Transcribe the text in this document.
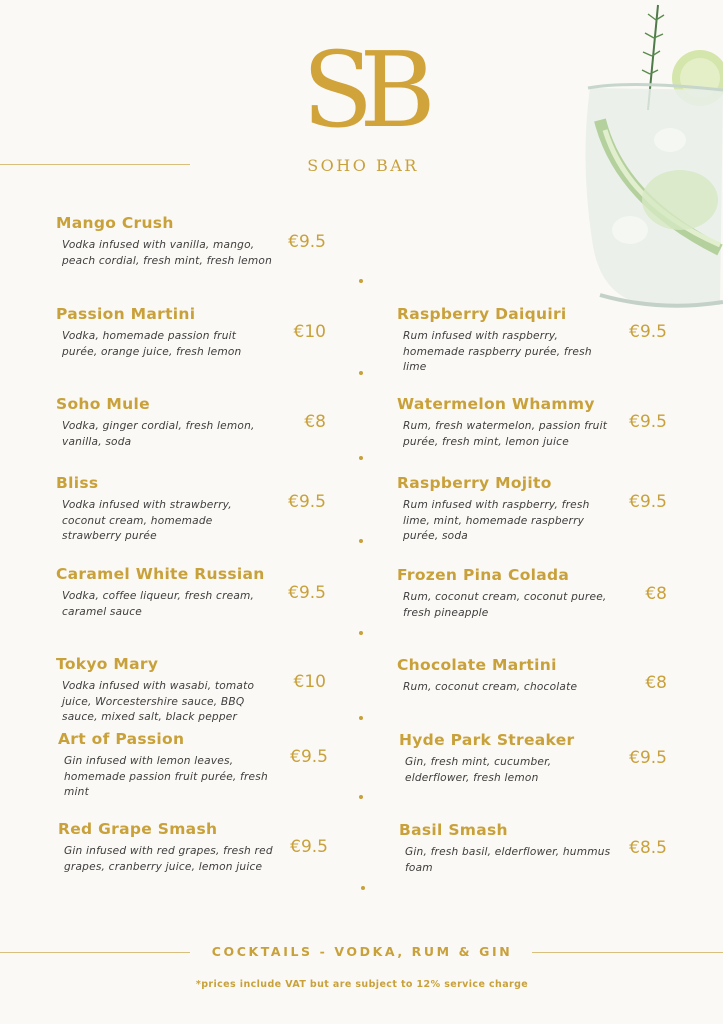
SB
SOHO BAR
Mango Crush
Vodka infused with vanilla, mango, peach cordial, fresh mint, fresh lemon
€9.5
Passion Martini
Vodka, homemade passion fruit purée, orange juice, fresh lemon
€10
Soho Mule
Vodka, ginger cordial, fresh lemon, vanilla, soda
€8
Bliss
Vodka infused with strawberry, coconut cream, homemade strawberry purée
€9.5
Caramel White Russian
Vodka, coffee liqueur, fresh cream, caramel sauce
€9.5
Tokyo Mary
Vodka infused with wasabi, tomato juice, Worcestershire sauce, BBQ sauce, mixed salt, black pepper
€10
Art of Passion
Gin infused with lemon leaves, homemade passion fruit purée, fresh mint
€9.5
Red Grape Smash
Gin infused with red grapes, fresh red grapes, cranberry juice, lemon juice
€9.5
Raspberry Daiquiri
Rum infused with raspberry, homemade raspberry purée, fresh lime
€9.5
Watermelon Whammy
Rum, fresh watermelon, passion fruit purée, fresh mint, lemon juice
€9.5
Raspberry Mojito
Rum infused with raspberry, fresh lime, mint, homemade raspberry purée, soda
€9.5
Frozen Pina Colada
Rum, coconut cream, coconut puree, fresh pineapple
€8
Chocolate Martini
Rum, coconut cream, chocolate	€8
Hyde Park Streaker
Gin, fresh mint, cucumber, elderflower, fresh lemon
€9.5
Basil Smash
Gin, fresh basil, elderflower, hummus foam
€8.5
COCKTAILS - VODKA, RUM & GIN
*prices include VAT but are subject to 12% service charge
